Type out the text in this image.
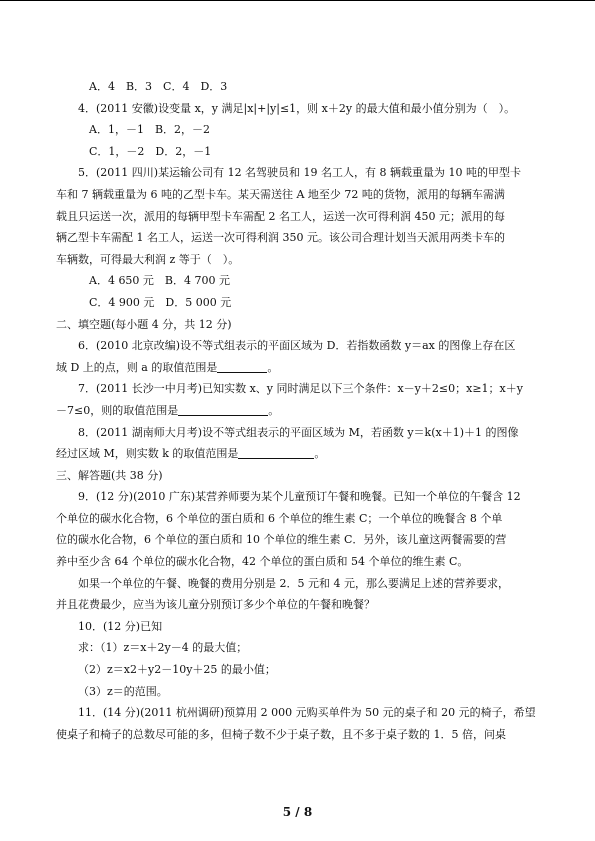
A．4　B．3　C．4　D．3

4．(2011 安徽)设变量 x，y 满足|x|+|y|≤1，则 x＋2y 的最大值和最小值分别为（　）。

A．1，－1　B．2，－2

C．1，－2　D．2，－1

5．(2011 四川)某运输公司有 12 名驾驶员和 19 名工人，有 8 辆载重量为 10 吨的甲型卡

车和 7 辆载重量为 6 吨的乙型卡车。某天需送往 A 地至少 72 吨的货物，派用的每辆车需满

载且只运送一次，派用的每辆甲型卡车需配 2 名工人，运送一次可得利润 450 元；派用的每

辆乙型卡车需配 1 名工人，运送一次可得利润 350 元。该公司合理计划当天派用两类卡车的

车辆数，可得最大利润 z 等于（　）。

A．4 650 元　B．4 700 元

C．4 900 元　D．5 000 元

二、填空题(每小题 4 分，共 12 分)

6．(2010 北京改编)设不等式组表示的平面区域为 D．若指数函数 y＝ax 的图像上存在区

域 D 上的点，则 a 的取值范围是	。

7．(2011 长沙一中月考)已知实数 x、y 同时满足以下三个条件：x－y＋2≤0；x≥1；x＋y

－7≤0，则的取值范围是	。

8．(2011 湖南师大月考)设不等式组表示的平面区域为 M，若函数 y＝k(x＋1)＋1 的图像

经过区域 M，则实数 k 的取值范围是	。

三、解答题(共 38 分)

9．(12 分)(2010 广东)某营养师要为某个儿童预订午餐和晚餐。已知一个单位的午餐含 12

个单位的碳水化合物，6 个单位的蛋白质和 6 个单位的维生素 C；一个单位的晚餐含 8 个单

位的碳水化合物，6 个单位的蛋白质和 10 个单位的维生素 C．另外，该儿童这两餐需要的营

养中至少含 64 个单位的碳水化合物，42 个单位的蛋白质和 54 个单位的维生素 C。

如果一个单位的午餐、晚餐的费用分别是 2．5 元和 4 元，那么要满足上述的营养要求，

并且花费最少，应当为该儿童分别预订多少个单位的午餐和晚餐？

10．(12 分)已知

求：（1）z＝x＋2y－4 的最大值；

（2）z＝x2＋y2－10y＋25 的最小值；

（3）z＝的范围。

11．(14 分)(2011 杭州调研)预算用 2 000 元购买单件为 50 元的桌子和 20 元的椅子，希望

使桌子和椅子的总数尽可能的多，但椅子数不少于桌子数，且不多于桌子数的 1．5 倍，问桌

5 / 8
